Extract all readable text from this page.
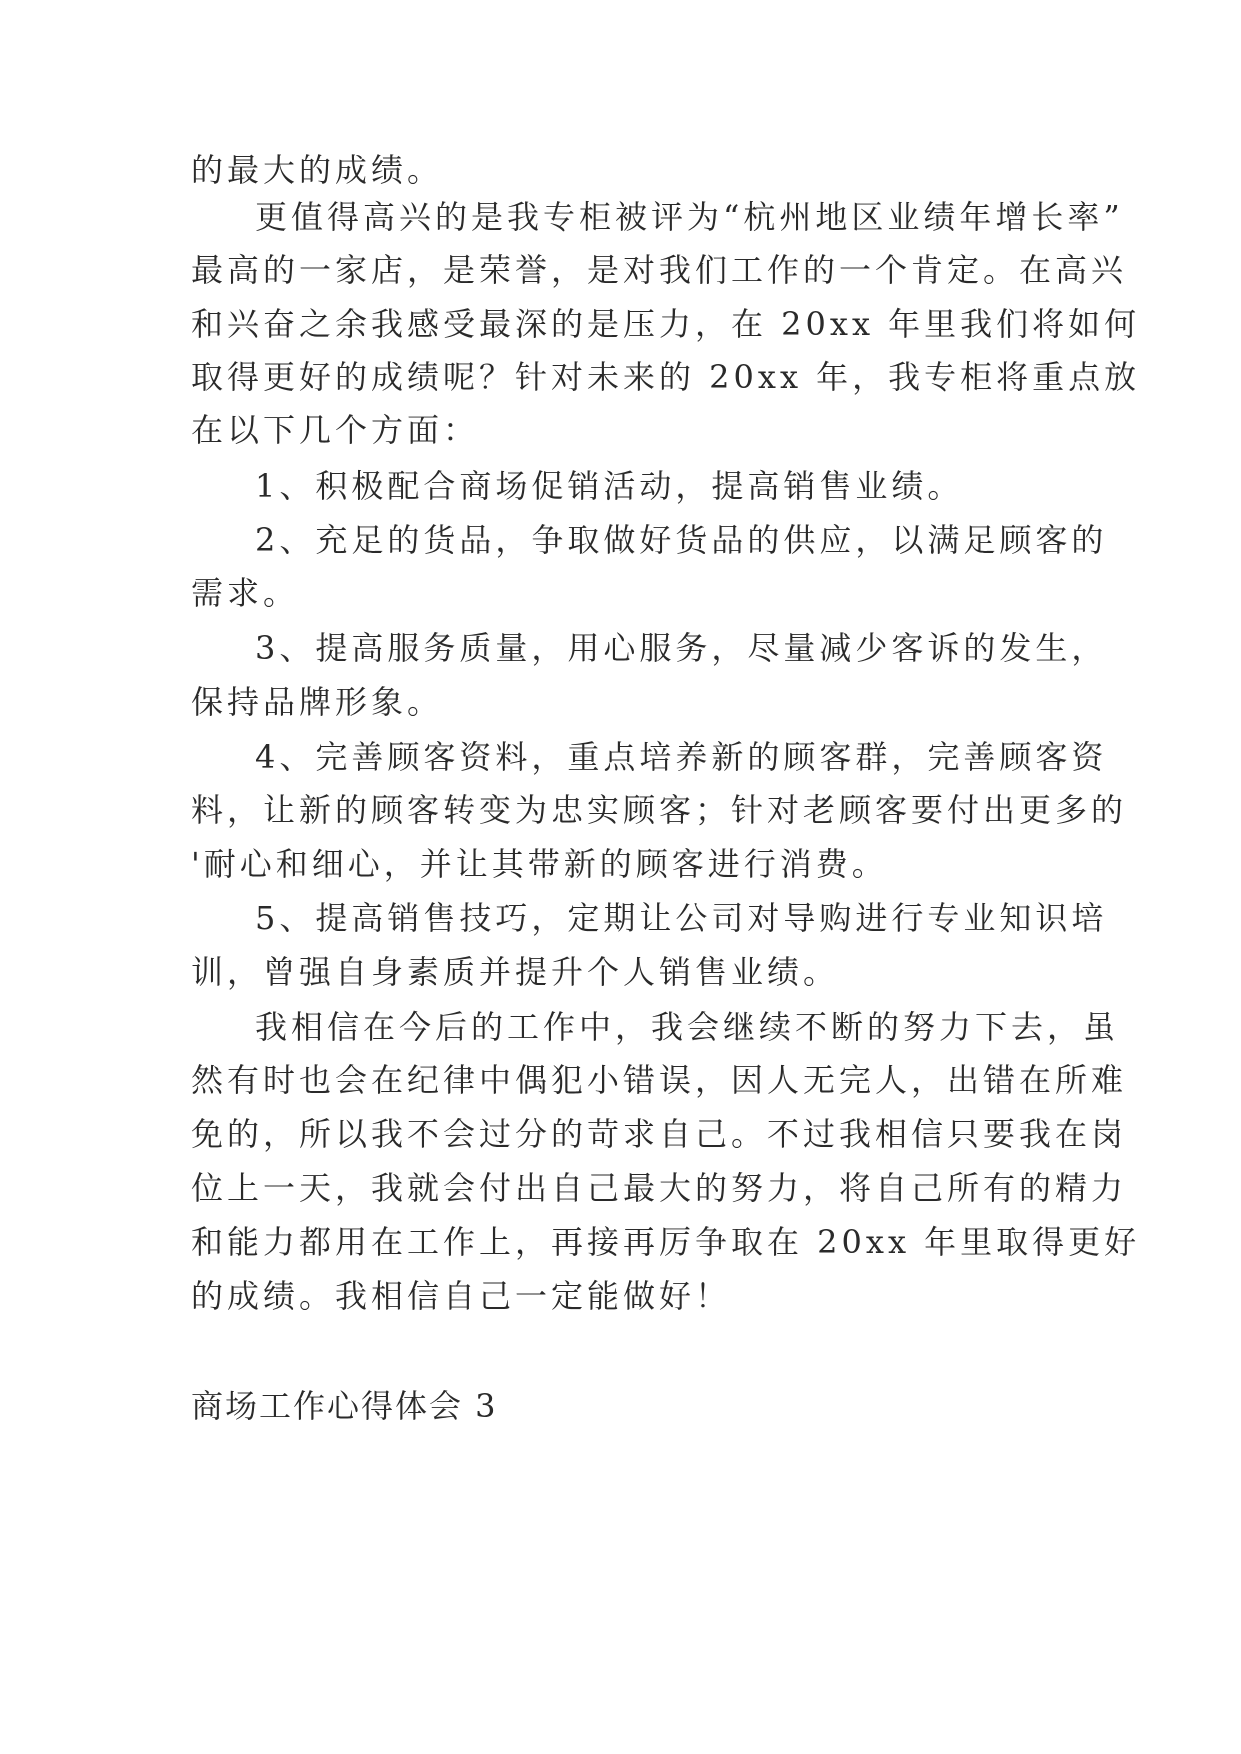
的最大的成绩。
更值得高兴的是我专柜被评为“杭州地区业绩年增长率”
最高的一家店，是荣誉，是对我们工作的一个肯定。在高兴
和兴奋之余我感受最深的是压力，在 20xx 年里我们将如何
取得更好的成绩呢？针对未来的 20xx 年，我专柜将重点放
在以下几个方面：
1、积极配合商场促销活动，提高销售业绩。
2、充足的货品，争取做好货品的供应，以满足顾客的
需求。
3、提高服务质量，用心服务，尽量减少客诉的发生，
保持品牌形象。
4、完善顾客资料，重点培养新的顾客群，完善顾客资
料，让新的顾客转变为忠实顾客；针对老顾客要付出更多的
'耐心和细心，并让其带新的顾客进行消费。
5、提高销售技巧，定期让公司对导购进行专业知识培
训，曾强自身素质并提升个人销售业绩。
我相信在今后的工作中，我会继续不断的努力下去，虽
然有时也会在纪律中偶犯小错误，因人无完人，出错在所难
免的，所以我不会过分的苛求自己。不过我相信只要我在岗
位上一天，我就会付出自己最大的努力，将自己所有的精力
和能力都用在工作上，再接再厉争取在 20xx 年里取得更好
的成绩。我相信自己一定能做好！
商场工作心得体会 3
